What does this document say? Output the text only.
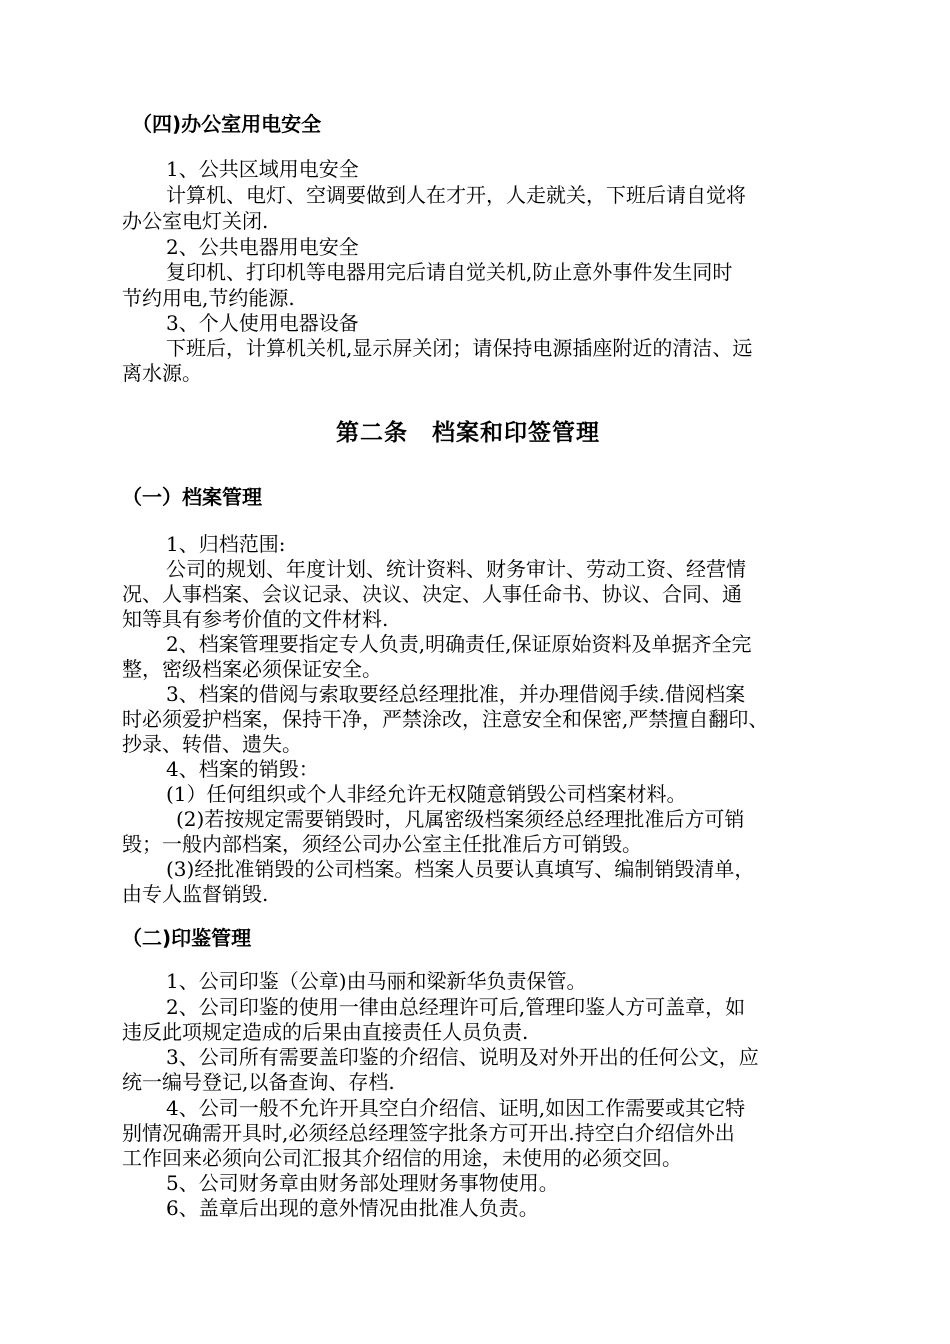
（四)办公室用电安全
1、公共区域用电安全
计算机、电灯、空调要做到人在才开，人走就关，下班后请自觉将
办公室电灯关闭.
2、公共电器用电安全
复印机、打印机等电器用完后请自觉关机,防止意外事件发生同时
节约用电,节约能源.
3、个人使用电器设备
下班后，计算机关机,显示屏关闭；请保持电源插座附近的清洁、远
离水源。
第二条　档案和印签管理
（一）档案管理
1、归档范围:
公司的规划、年度计划、统计资料、财务审计、劳动工资、经营情
况、人事档案、会议记录、决议、决定、人事任命书、协议、合同、通
知等具有参考价值的文件材料.
2、档案管理要指定专人负责,明确责任,保证原始资料及单据齐全完
整，密级档案必须保证安全。
3、档案的借阅与索取要经总经理批准，并办理借阅手续.借阅档案
时必须爱护档案，保持干净，严禁涂改，注意安全和保密,严禁擅自翻印、
抄录、转借、遗失。
4、档案的销毁：
(1）任何组织或个人非经允许无权随意销毁公司档案材料。
(2)若按规定需要销毁时，凡属密级档案须经总经理批准后方可销
毁；一般内部档案，须经公司办公室主任批准后方可销毁。
(3)经批准销毁的公司档案。档案人员要认真填写、编制销毁清单，
由专人监督销毁.
（二)印鉴管理
1、公司印鉴（公章)由马丽和梁新华负责保管。
2、公司印鉴的使用一律由总经理许可后,管理印鉴人方可盖章，如
违反此项规定造成的后果由直接责任人员负责.
3、公司所有需要盖印鉴的介绍信、说明及对外开出的任何公文，应
统一编号登记,以备查询、存档.
4、公司一般不允许开具空白介绍信、证明,如因工作需要或其它特
别情况确需开具时,必须经总经理签字批条方可开出.持空白介绍信外出
工作回来必须向公司汇报其介绍信的用途，未使用的必须交回。
5、公司财务章由财务部处理财务事物使用。
6、盖章后出现的意外情况由批准人负责。
